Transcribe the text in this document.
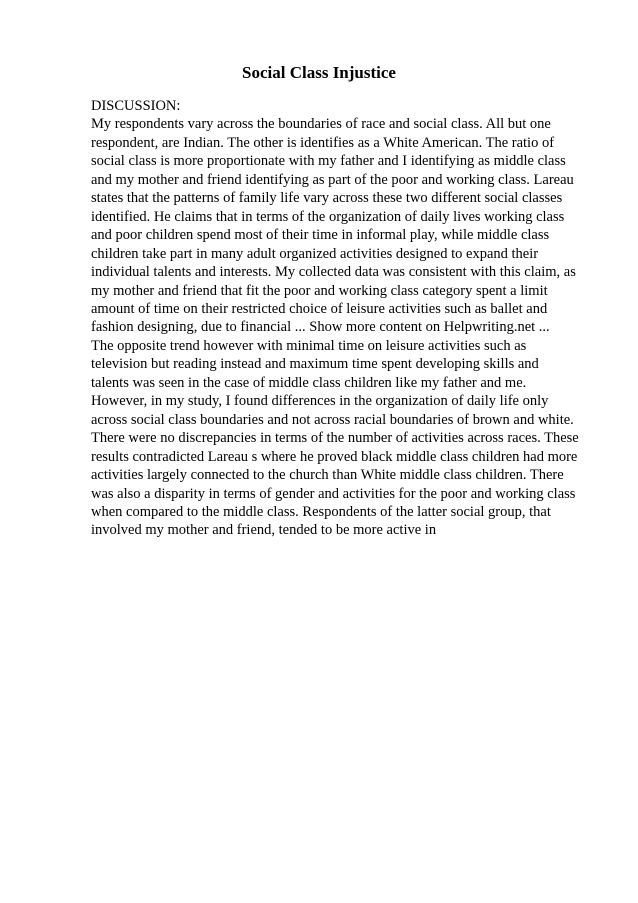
Social Class Injustice
DISCUSSION:
My respondents vary across the boundaries of race and social class. All but one
respondent, are Indian. The other is identifies as a White American. The ratio of
social class is more proportionate with my father and I identifying as middle class
and my mother and friend identifying as part of the poor and working class. Lareau
states that the patterns of family life vary across these two different social classes
identified. He claims that in terms of the organization of daily lives working class
and poor children spend most of their time in informal play, while middle class
children take part in many adult organized activities designed to expand their
individual talents and interests. My collected data was consistent with this claim, as
my mother and friend that fit the poor and working class category spent a limit
amount of time on their restricted choice of leisure activities such as ballet and
fashion designing, due to financial ... Show more content on Helpwriting.net ...
The opposite trend however with minimal time on leisure activities such as
television but reading instead and maximum time spent developing skills and
talents was seen in the case of middle class children like my father and me.
However, in my study, I found differences in the organization of daily life only
across social class boundaries and not across racial boundaries of brown and white.
There were no discrepancies in terms of the number of activities across races. These
results contradicted Lareau s where he proved black middle class children had more
activities largely connected to the church than White middle class children. There
was also a disparity in terms of gender and activities for the poor and working class
when compared to the middle class. Respondents of the latter social group, that
involved my mother and friend, tended to be more active in
